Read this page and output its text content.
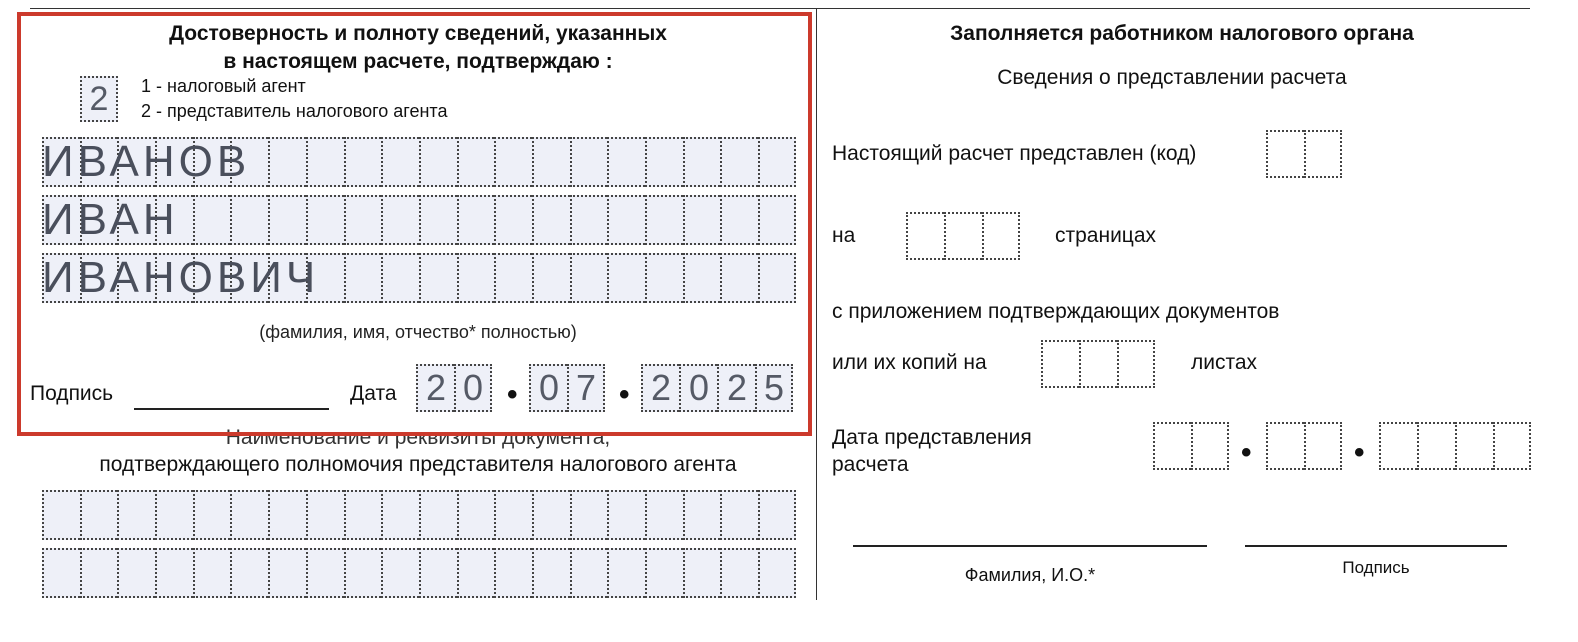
Достоверность и полноту сведений, указанных
в настоящем расчете, подтверждаю :
2	1 - налоговый агент
2 - представитель налогового агента
ИВАНОВ
ИВАН
ИВАНОВИЧ
(фамилия, имя, отчество* полностью)
Подпись	Дата 2 0 • 0 7 • 2 0 2 5
Наименование и реквизиты документа,
подтверждающего полномочия представителя налогового агента
Заполняется работником налогового органа
Сведения о представлении расчета
Настоящий расчет представлен (код)
на	страницах
с приложением подтверждающих документов
или их копий на	листах
Дата представления
расчета	•	•
Фамилия, И.О.*	Подпись
